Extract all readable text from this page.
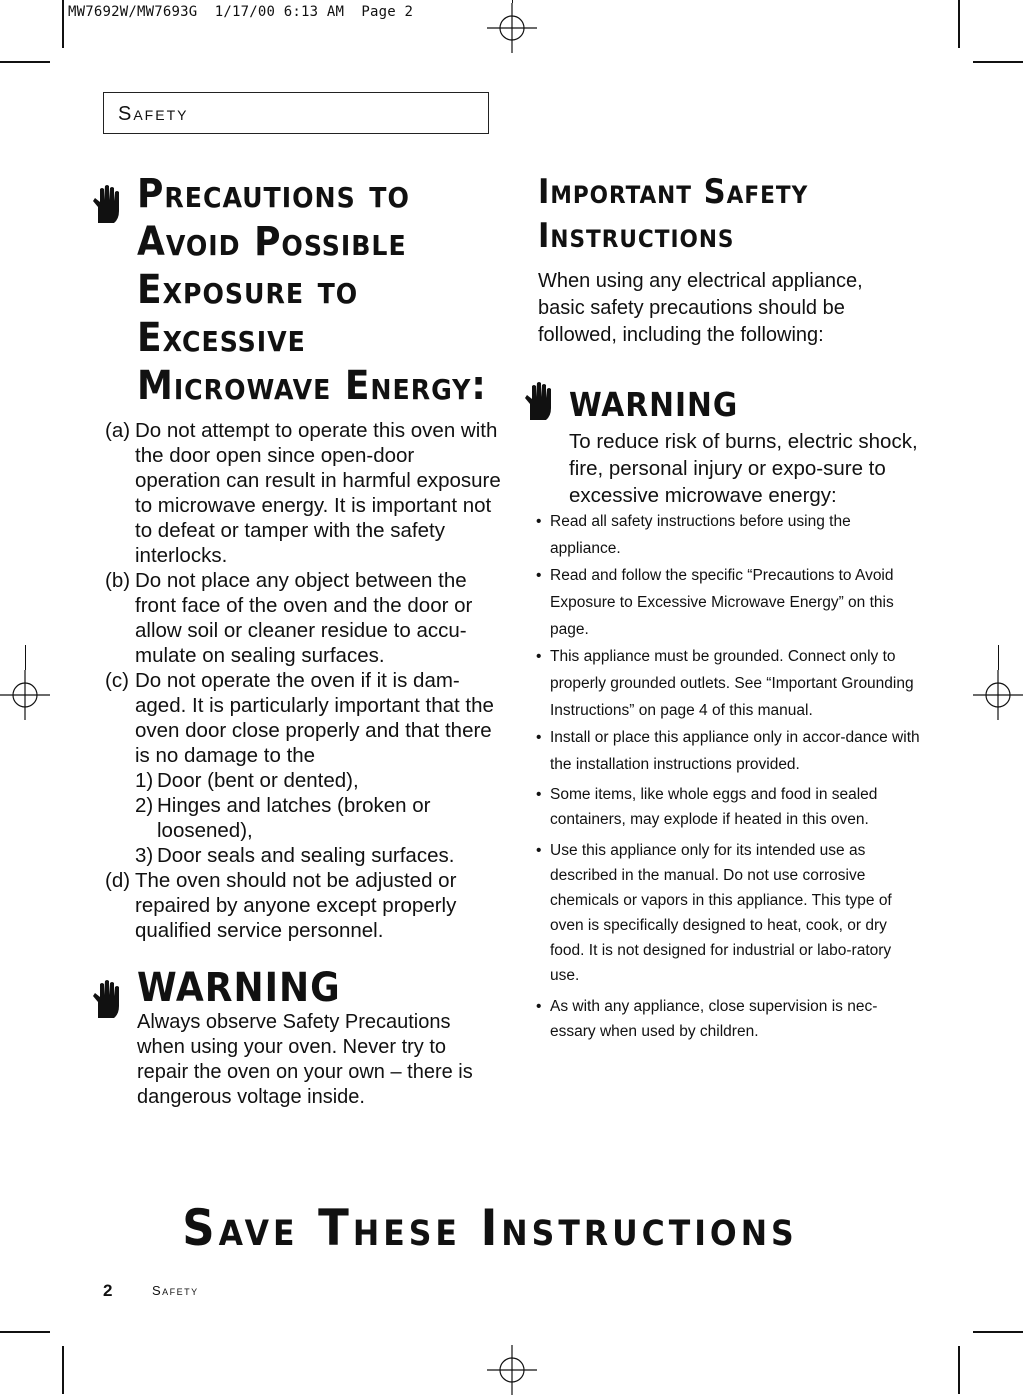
MW7692W/MW7693G  1/17/00 6:13 AM  Page 2
Safety
Precautions to
Avoid Possible
Exposure to
Excessive
Microwave Energy:
(a) Do not attempt to operate this oven with the door open since open-door operation can result in harmful exposure to microwave energy. It is important not to defeat or tamper with the safety interlocks.
(b) Do not place any object between the front face of the oven and the door or allow soil or cleaner residue to accu-mulate on sealing surfaces.
(c) Do not operate the oven if it is dam-aged. It is particularly important that the oven door close properly and that there is no damage to the
1) Door (bent or dented),
2) Hinges and latches (broken or loosened),
3) Door seals and sealing surfaces.
(d) The oven should not be adjusted or repaired by anyone except properly qualified service personnel.
WARNING
Always observe Safety Precautions when using your oven. Never try to repair the oven on your own – there is dangerous voltage inside.
Important Safety
Instructions
When using any electrical appliance, basic safety precautions should be followed, including the following:
WARNING
To reduce risk of burns, electric shock, fire, personal injury or expo-sure to excessive microwave energy:
• Read all safety instructions before using the appliance.
• Read and follow the specific “Precautions to Avoid Exposure to Excessive Microwave Energy” on this page.
• This appliance must be grounded. Connect only to properly grounded outlets. See “Important Grounding Instructions” on page 4 of this manual.
• Install or place this appliance only in accor-dance with the installation instructions provided.
• Some items, like whole eggs and food in sealed containers, may explode if heated in this oven.
• Use this appliance only for its intended use as described in the manual. Do not use corrosive chemicals or vapors in this appliance. This type of oven is specifically designed to heat, cook, or dry food. It is not designed for industrial or labo-ratory use.
• As with any appliance, close supervision is nec-essary when used by children.
Save These Instructions
2	Safety
